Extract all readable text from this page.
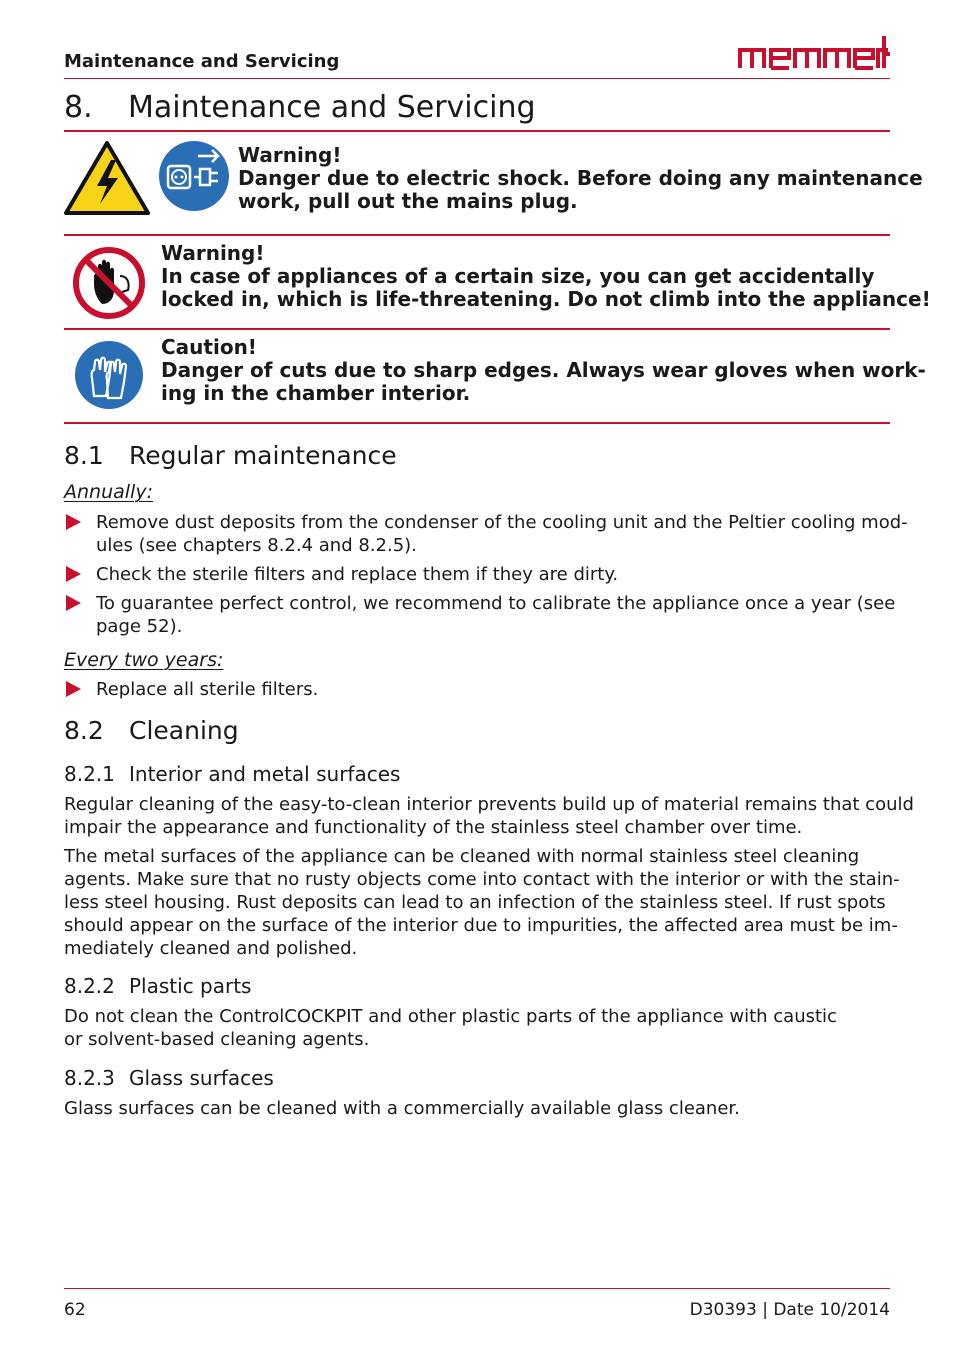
Maintenance and Servicing
8.	Maintenance and Servicing
Warning!
Danger due to electric shock. Before doing any maintenance
work, pull out the mains plug.
Warning!
In case of appliances of a certain size, you can get accidentally
locked in, which is life-threatening. Do not climb into the appliance!
Caution!
Danger of cuts due to sharp edges. Always wear gloves when work-
ing in the chamber interior.
8.1	Regular maintenance
Annually:
Remove dust deposits from the condenser of the cooling unit and the Peltier cooling mod-
ules (see chapters 8.2.4 and 8.2.5).
Check the sterile filters and replace them if they are dirty.
To guarantee perfect control, we recommend to calibrate the appliance once a year (see
page 52).
Every two years:
Replace all sterile filters.
8.2	Cleaning
8.2.1 Interior and metal surfaces
Regular cleaning of the easy-to-clean interior prevents build up of material remains that could
impair the appearance and functionality of the stainless steel chamber over time.
The metal surfaces of the appliance can be cleaned with normal stainless steel cleaning
agents. Make sure that no rusty objects come into contact with the interior or with the stain-
less steel housing. Rust deposits can lead to an infection of the stainless steel. If rust spots
should appear on the surface of the interior due to impurities, the affected area must be im-
mediately cleaned and polished.
8.2.2 Plastic parts
Do not clean the ControlCOCKPIT and other plastic parts of the appliance with caustic
or solvent-based cleaning agents.
8.2.3 Glass surfaces
Glass surfaces can be cleaned with a commercially available glass cleaner.
62	D30393 | Date 10/2014
